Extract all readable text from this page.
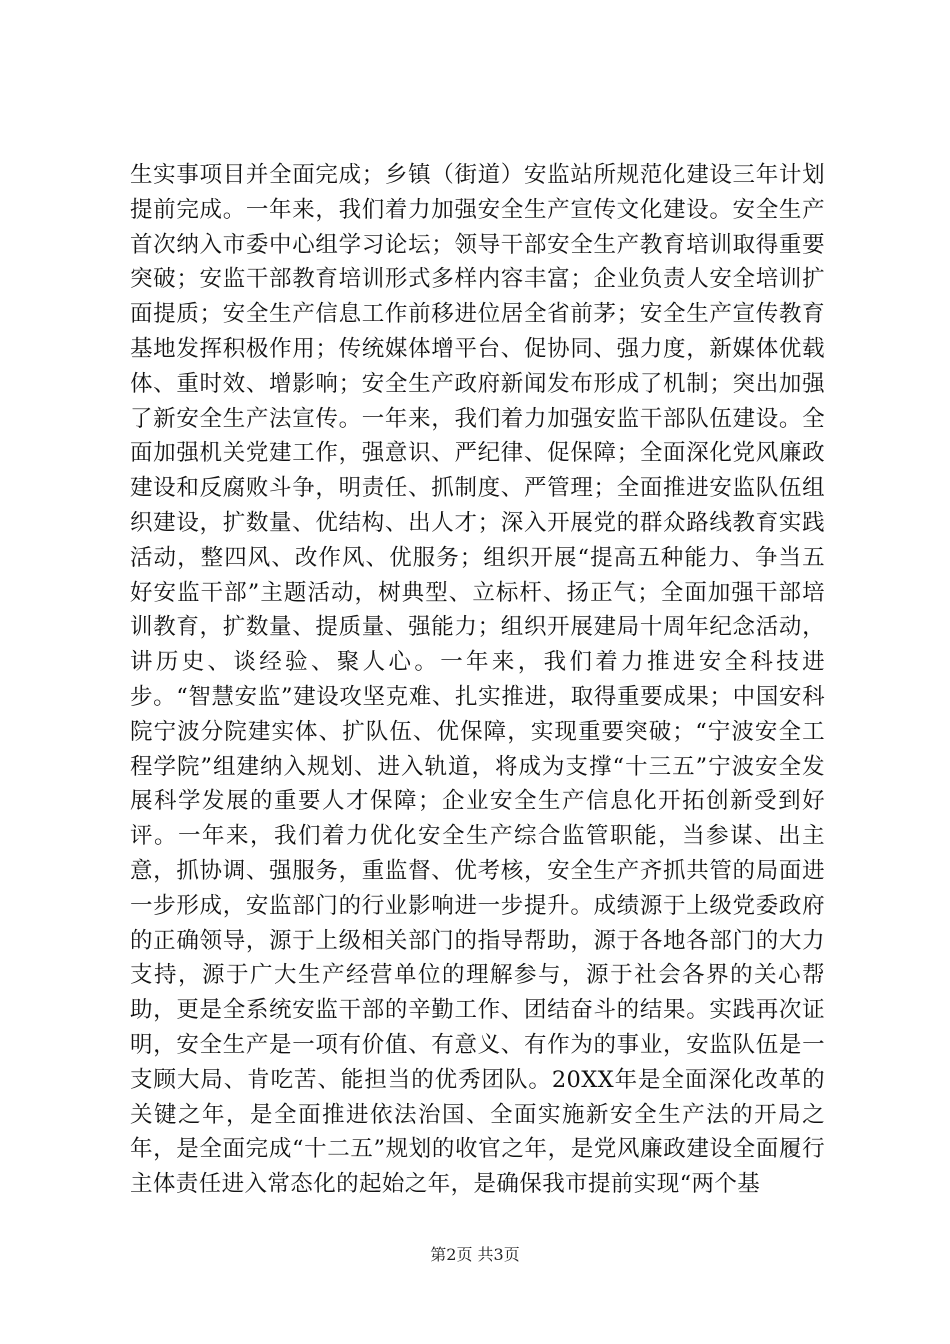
生实事项目并全面完成；乡镇（街道）安监站所规范化建设三年计划提前完成。一年来，我们着力加强安全生产宣传文化建设。安全生产首次纳入市委中心组学习论坛；领导干部安全生产教育培训取得重要突破；安监干部教育培训形式多样内容丰富；企业负责人安全培训扩面提质；安全生产信息工作前移进位居全省前茅；安全生产宣传教育基地发挥积极作用；传统媒体增平台、促协同、强力度，新媒体优载体、重时效、增影响；安全生产政府新闻发布形成了机制；突出加强了新安全生产法宣传。一年来，我们着力加强安监干部队伍建设。全面加强机关党建工作，强意识、严纪律、促保障；全面深化党风廉政建设和反腐败斗争，明责任、抓制度、严管理；全面推进安监队伍组织建设，扩数量、优结构、出人才；深入开展党的群众路线教育实践活动，整四风、改作风、优服务；组织开展“提高五种能力、争当五好安监干部”主题活动，树典型、立标杆、扬正气；全面加强干部培训教育，扩数量、提质量、强能力；组织开展建局十周年纪念活动，讲历史、谈经验、聚人心。一年来，我们着力推进安全科技进步。“智慧安监”建设攻坚克难、扎实推进，取得重要成果；中国安科院宁波分院建实体、扩队伍、优保障，实现重要突破；“宁波安全工程学院”组建纳入规划、进入轨道，将成为支撑“十三五”宁波安全发展科学发展的重要人才保障；企业安全生产信息化开拓创新受到好评。一年来，我们着力优化安全生产综合监管职能，当参谋、出主意，抓协调、强服务，重监督、优考核，安全生产齐抓共管的局面进一步形成，安监部门的行业影响进一步提升。成绩源于上级党委政府的正确领导，源于上级相关部门的指导帮助，源于各地各部门的大力支持，源于广大生产经营单位的理解参与，源于社会各界的关心帮助，更是全系统安监干部的辛勤工作、团结奋斗的结果。实践再次证明，安全生产是一项有价值、有意义、有作为的事业，安监队伍是一支顾大局、肯吃苦、能担当的优秀团队。20XX年是全面深化改革的关键之年，是全面推进依法治国、全面实施新安全生产法的开局之年，是全面完成“十二五”规划的收官之年，是党风廉政建设全面履行主体责任进入常态化的起始之年，是确保我市提前实现“两个基

第2页 共3页
